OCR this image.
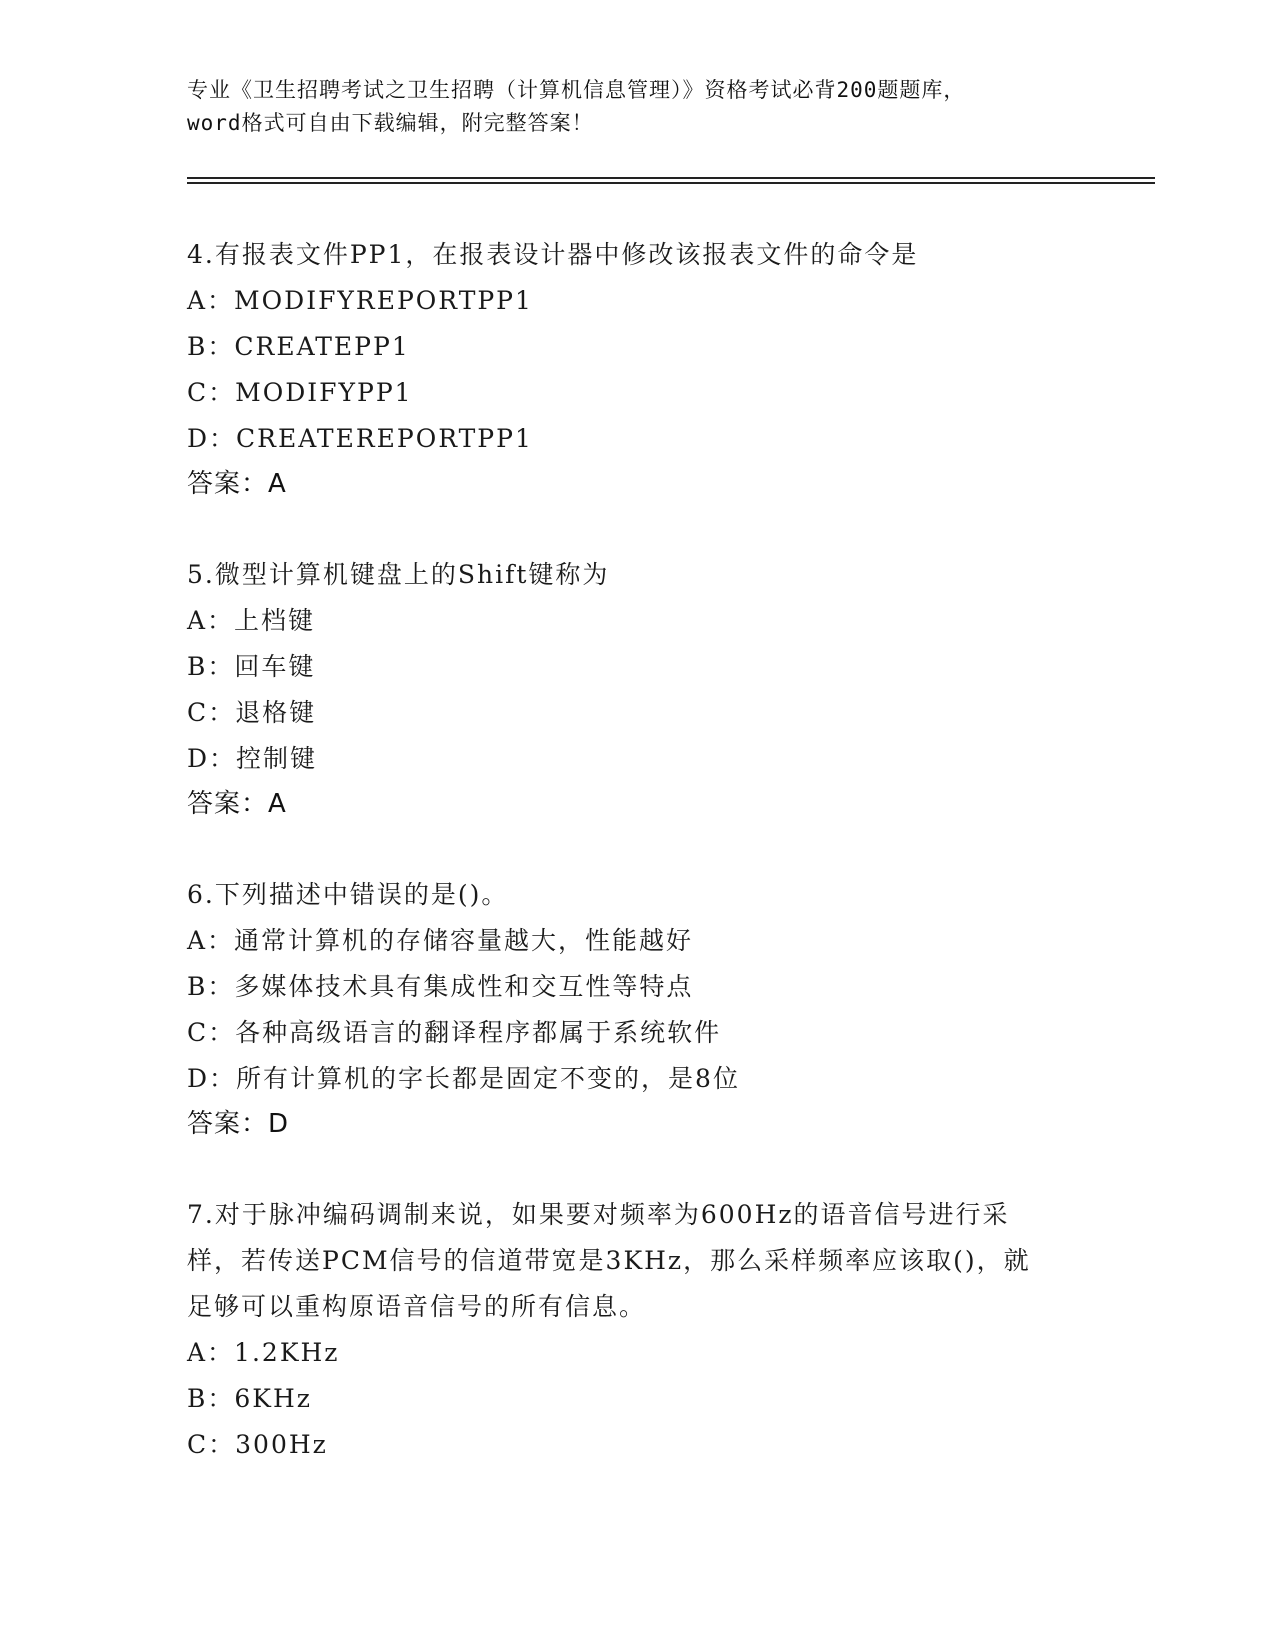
专业《卫生招聘考试之卫生招聘（计算机信息管理）》资格考试必背200题题库，
word格式可自由下载编辑，附完整答案！
4.有报表文件PP1，在报表设计器中修改该报表文件的命令是
A：MODIFYREPORTPP1
B：CREATEPP1
C：MODIFYPP1
D：CREATEREPORTPP1
答案：A
5.微型计算机键盘上的Shift键称为
A：上档键
B：回车键
C：退格键
D：控制键
答案：A
6.下列描述中错误的是()。
A：通常计算机的存储容量越大，性能越好
B：多媒体技术具有集成性和交互性等特点
C：各种高级语言的翻译程序都属于系统软件
D：所有计算机的字长都是固定不变的，是8位
答案：D
7.对于脉冲编码调制来说，如果要对频率为600Hz的语音信号进行采
样，若传送PCM信号的信道带宽是3KHz，那么采样频率应该取()，就
足够可以重构原语音信号的所有信息。
A：1.2KHz
B：6KHz
C：300Hz
